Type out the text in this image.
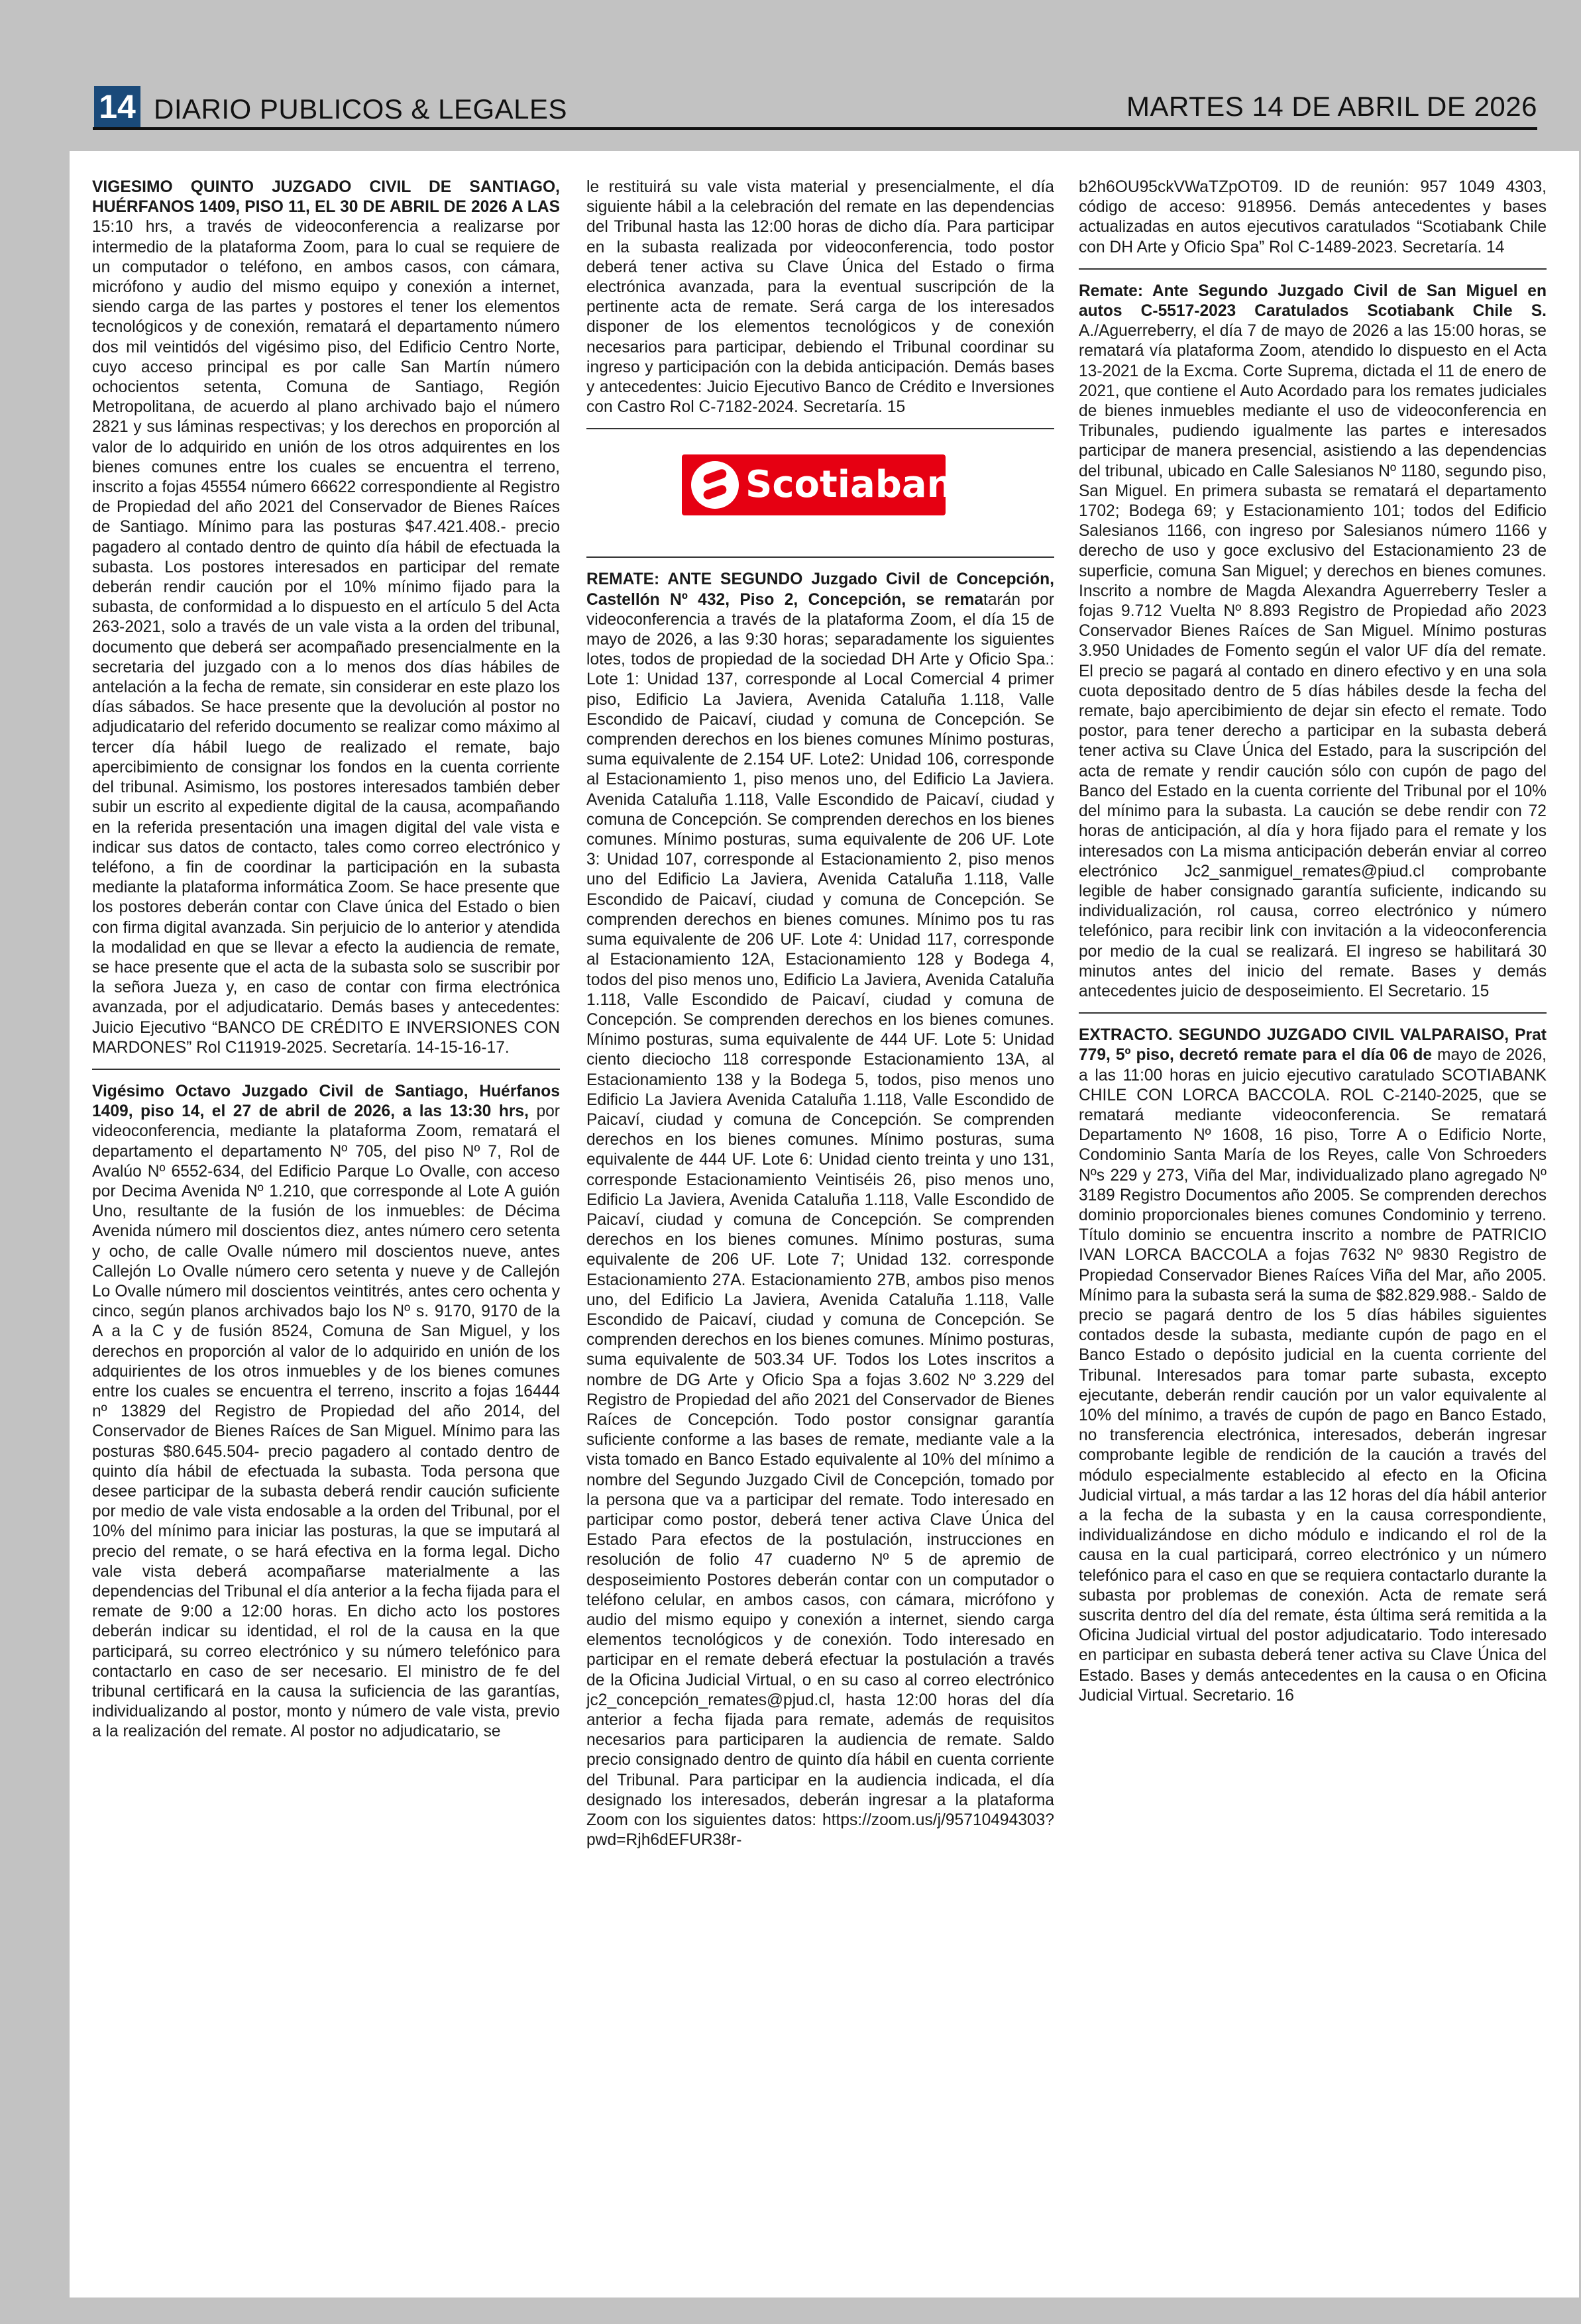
14 DIARIO PUBLICOS & LEGALES	MARTES 14 DE ABRIL DE 2026

VIGESIMO QUINTO JUZGADO CIVIL DE SANTIAGO, HUÉRFANOS 1409, PISO 11, EL 30 DE ABRIL DE 2026 A LAS 15:10 hrs, a través de videoconferencia a realizarse por intermedio de la plataforma Zoom, para lo cual se requiere de un computador o teléfono, en ambos casos, con cámara, micrófono y audio del mismo equipo y conexión a internet, siendo carga de las partes y postores el tener los elementos tecnológicos y de conexión, rematará el departamento número dos mil veintidós del vigésimo piso, del Edificio Centro Norte, cuyo acceso principal es por calle San Martín número ochocientos setenta, Comuna de Santiago, Región Metropolitana, de acuerdo al plano archivado bajo el número 2821 y sus láminas respectivas; y los derechos en proporción al valor de lo adquirido en unión de los otros adquirentes en los bienes comunes entre los cuales se encuentra el terreno, inscrito a fojas 45554 número 66622 correspondiente al Registro de Propiedad del año 2021 del Conservador de Bienes Raíces de Santiago. Mínimo para las posturas $47.421.408.- precio pagadero al contado dentro de quinto día hábil de efectuada la subasta. Los postores interesados en participar del remate deberán rendir caución por el 10% mínimo fijado para la subasta, de conformidad a lo dispuesto en el artículo 5 del Acta 263-2021, solo a través de un vale vista a la orden del tribunal, documento que deberá ser acompañado presencialmente en la secretaria del juzgado con a lo menos dos días hábiles de antelación a la fecha de remate, sin considerar en este plazo los días sábados. Se hace presente que la devolución al postor no adjudicatario del referido documento se realizar como máximo al tercer día hábil luego de realizado el remate, bajo apercibimiento de consignar los fondos en la cuenta corriente del tribunal. Asimismo, los postores interesados también deber subir un escrito al expediente digital de la causa, acompañando en la referida presentación una imagen digital del vale vista e indicar sus datos de contacto, tales como correo electrónico y teléfono, a fin de coordinar la participación en la subasta mediante la plataforma informática Zoom. Se hace presente que los postores deberán contar con Clave única del Estado o bien con firma digital avanzada. Sin perjuicio de lo anterior y atendida la modalidad en que se llevar a efecto la audiencia de remate, se hace presente que el acta de la subasta solo se suscribir por la señora Jueza y, en caso de contar con firma electrónica avanzada, por el adjudicatario. Demás bases y antecedentes: Juicio Ejecutivo “BANCO DE CRÉDITO E INVERSIONES CON MARDONES” Rol C11919-2025. Secretaría. 14-15-16-17.

Vigésimo Octavo Juzgado Civil de Santiago, Huérfanos 1409, piso 14, el 27 de abril de 2026, a las 13:30 hrs, por videoconferencia, mediante la plataforma Zoom, rematará el departamento el departamento Nº 705, del piso Nº 7, Rol de Avalúo Nº 6552-634, del Edificio Parque Lo Ovalle, con acceso por Decima Avenida Nº 1.210, que corresponde al Lote A guión Uno, resultante de la fusión de los inmuebles: de Décima Avenida número mil doscientos diez, antes número cero setenta y ocho, de calle Ovalle número mil doscientos nueve, antes Callejón Lo Ovalle número cero setenta y nueve y de Callejón Lo Ovalle número mil doscientos veintitrés, antes cero ochenta y cinco, según planos archivados bajo los Nº s. 9170, 9170 de la A a la C y de fusión 8524, Comuna de San Miguel, y los derechos en proporción al valor de lo adquirido en unión de los adquirientes de los otros inmuebles y de los bienes comunes entre los cuales se encuentra el terreno, inscrito a fojas 16444 nº 13829 del Registro de Propiedad del año 2014, del Conservador de Bienes Raíces de San Miguel. Mínimo para las posturas $80.645.504- precio pagadero al contado dentro de quinto día hábil de efectuada la subasta. Toda persona que desee participar de la subasta deberá rendir caución suficiente por medio de vale vista endosable a la orden del Tribunal, por el 10% del mínimo para iniciar las posturas, la que se imputará al precio del remate, o se hará efectiva en la forma legal. Dicho vale vista deberá acompañarse materialmente a las dependencias del Tribunal el día anterior a la fecha fijada para el remate de 9:00 a 12:00 horas. En dicho acto los postores deberán indicar su identidad, el rol de la causa en la que participará, su correo electrónico y su número telefónico para contactarlo en caso de ser necesario. El ministro de fe del tribunal certificará en la causa la suficiencia de las garantías, individualizando al postor, monto y número de vale vista, previo a la realización del remate. Al postor no adjudicatario, se

le restituirá su vale vista material y presencialmente, el día siguiente hábil a la celebración del remate en las dependencias del Tribunal hasta las 12:00 horas de dicho día. Para participar en la subasta realizada por videoconferencia, todo postor deberá tener activa su Clave Única del Estado o firma electrónica avanzada, para la eventual suscripción de la pertinente acta de remate. Será carga de los interesados disponer de los elementos tecnológicos y de conexión necesarios para participar, debiendo el Tribunal coordinar su ingreso y participación con la debida anticipación. Demás bases y antecedentes: Juicio Ejecutivo Banco de Crédito e Inversiones con Castro Rol C-7182-2024. Secretaría. 15

Scotiabank

REMATE: ANTE SEGUNDO Juzgado Civil de Concepción, Castellón Nº 432, Piso 2, Concepción, se rematarán por videoconferencia a través de la plataforma Zoom, el día 15 de mayo de 2026, a las 9:30 horas; separadamente los siguientes lotes, todos de propiedad de la sociedad DH Arte y Oficio Spa.: Lote 1: Unidad 137, corresponde al Local Comercial 4 primer piso, Edificio La Javiera, Avenida Cataluña 1.118, Valle Escondido de Paicaví, ciudad y comuna de Concepción. Se comprenden derechos en los bienes comunes Mínimo posturas, suma equivalente de 2.154 UF. Lote2: Unidad 106, corresponde al Estacionamiento 1, piso menos uno, del Edificio La Javiera. Avenida Cataluña 1.118, Valle Escondido de Paicaví, ciudad y comuna de Concepción. Se comprenden derechos en los bienes comunes. Mínimo posturas, suma equivalente de 206 UF. Lote 3: Unidad 107, corresponde al Estacionamiento 2, piso menos uno del Edificio La Javiera, Avenida Cataluña 1.118, Valle Escondido de Paicaví, ciudad y comuna de Concepción. Se comprenden derechos en bienes comunes. Mínimo pos tu ras suma equivalente de 206 UF. Lote 4: Unidad 117, corresponde al Estacionamiento 12A, Estacionamiento 128 y Bodega 4, todos del piso menos uno, Edificio La Javiera, Avenida Cataluña 1.118, Valle Escondido de Paicaví, ciudad y comuna de Concepción. Se comprenden derechos en los bienes comunes. Mínimo posturas, suma equivalente de 444 UF. Lote 5: Unidad ciento dieciocho 118 corresponde Estacionamiento 13A, al Estacionamiento 138 y la Bodega 5, todos, piso menos uno Edificio La Javiera Avenida Cataluña 1.118, Valle Escondido de Paicaví, ciudad y comuna de Concepción. Se comprenden derechos en los bienes comunes. Mínimo posturas, suma equivalente de 444 UF. Lote 6: Unidad ciento treinta y uno 131, corresponde Estacionamiento Veintiséis 26, piso menos uno, Edificio La Javiera, Avenida Cataluña 1.118, Valle Escondido de Paicaví, ciudad y comuna de Concepción. Se comprenden derechos en los bienes comunes. Mínimo posturas, suma equivalente de 206 UF. Lote 7; Unidad 132. corresponde Estacionamiento 27A. Estacionamiento 27B, ambos piso menos uno, del Edificio La Javiera, Avenida Cataluña 1.118, Valle Escondido de Paicaví, ciudad y comuna de Concepción. Se comprenden derechos en los bienes comunes. Mínimo posturas, suma equivalente de 503.34 UF. Todos los Lotes inscritos a nombre de DG Arte y Oficio Spa a fojas 3.602 Nº 3.229 del Registro de Propiedad del año 2021 del Conservador de Bienes Raíces de Concepción. Todo postor consignar garantía suficiente conforme a las bases de remate, mediante vale a la vista tomado en Banco Estado equivalente al 10% del mínimo a nombre del Segundo Juzgado Civil de Concepción, tomado por la persona que va a participar del remate. Todo interesado en participar como postor, deberá tener activa Clave Única del Estado Para efectos de la postulación, instrucciones en resolución de folio 47 cuaderno Nº 5 de apremio de desposeimiento Postores deberán contar con un computador o teléfono celular, en ambos casos, con cámara, micrófono y audio del mismo equipo y conexión a internet, siendo carga elementos tecnológicos y de conexión. Todo interesado en participar en el remate deberá efectuar la postulación a través de la Oficina Judicial Virtual, o en su caso al correo electrónico jc2_concepción_remates@pjud.cl, hasta 12:00 horas del día anterior a fecha fijada para remate, además de requisitos necesarios para participaren la audiencia de remate. Saldo precio consignado dentro de quinto día hábil en cuenta corriente del Tribunal. Para participar en la audiencia indicada, el día designado los interesados, deberán ingresar a la plataforma Zoom con los siguientes datos: https://zoom.us/j/95710494303?pwd=Rjh6dEFUR38r-

b2h6OU95ckVWaTZpOT09. ID de reunión: 957 1049 4303, código de acceso: 918956. Demás antecedentes y bases actualizadas en autos ejecutivos caratulados “Scotiabank Chile con DH Arte y Oficio Spa” Rol C-1489-2023. Secretaría. 14

Remate: Ante Segundo Juzgado Civil de San Miguel en autos C-5517-2023 Caratulados Scotiabank Chile S. A./Aguerreberry, el día 7 de mayo de 2026 a las 15:00 horas, se rematará vía plataforma Zoom, atendido lo dispuesto en el Acta 13-2021 de la Excma. Corte Suprema, dictada el 11 de enero de 2021, que contiene el Auto Acordado para los remates judiciales de bienes inmuebles mediante el uso de videoconferencia en Tribunales, pudiendo igualmente las partes e interesados participar de manera presencial, asistiendo a las dependencias del tribunal, ubicado en Calle Salesianos Nº 1180, segundo piso, San Miguel. En primera subasta se rematará el departamento 1702; Bodega 69; y Estacionamiento 101; todos del Edificio Salesianos 1166, con ingreso por Salesianos número 1166 y derecho de uso y goce exclusivo del Estacionamiento 23 de superficie, comuna San Miguel; y derechos en bienes comunes. Inscrito a nombre de Magda Alexandra Aguerreberry Tesler a fojas 9.712 Vuelta Nº 8.893 Registro de Propiedad año 2023 Conservador Bienes Raíces de San Miguel. Mínimo posturas 3.950 Unidades de Fomento según el valor UF día del remate. El precio se pagará al contado en dinero efectivo y en una sola cuota depositado dentro de 5 días hábiles desde la fecha del remate, bajo apercibimiento de dejar sin efecto el remate. Todo postor, para tener derecho a participar en la subasta deberá tener activa su Clave Única del Estado, para la suscripción del acta de remate y rendir caución sólo con cupón de pago del Banco del Estado en la cuenta corriente del Tribunal por el 10% del mínimo para la subasta. La caución se debe rendir con 72 horas de anticipación, al día y hora fijado para el remate y los interesados con La misma anticipación deberán enviar al correo electrónico Jc2_sanmiguel_remates@piud.cl comprobante legible de haber consignado garantía suficiente, indicando su individualización, rol causa, correo electrónico y número telefónico, para recibir link con invitación a la videoconferencia por medio de la cual se realizará. El ingreso se habilitará 30 minutos antes del inicio del remate. Bases y demás antecedentes juicio de desposeimiento. El Secretario. 15

EXTRACTO. SEGUNDO JUZGADO CIVIL VALPARAISO, Prat 779, 5º piso, decretó remate para el día 06 de mayo de 2026, a las 11:00 horas en juicio ejecutivo caratulado SCOTIABANK CHILE CON LORCA BACCOLA. ROL C-2140-2025, que se rematará mediante videoconferencia. Se rematará Departamento Nº 1608, 16 piso, Torre A o Edificio Norte, Condominio Santa María de los Reyes, calle Von Schroeders Nºs 229 y 273, Viña del Mar, individualizado plano agregado Nº 3189 Registro Documentos año 2005. Se comprenden derechos dominio proporcionales bienes comunes Condominio y terreno. Título dominio se encuentra inscrito a nombre de PATRICIO IVAN LORCA BACCOLA a fojas 7632 Nº 9830 Registro de Propiedad Conservador Bienes Raíces Viña del Mar, año 2005. Mínimo para la subasta será la suma de $82.829.988.- Saldo de precio se pagará dentro de los 5 días hábiles siguientes contados desde la subasta, mediante cupón de pago en el Banco Estado o depósito judicial en la cuenta corriente del Tribunal. Interesados para tomar parte subasta, excepto ejecutante, deberán rendir caución por un valor equivalente al 10% del mínimo, a través de cupón de pago en Banco Estado, no transferencia electrónica, interesados, deberán ingresar comprobante legible de rendición de la caución a través del módulo especialmente establecido al efecto en la Oficina Judicial virtual, a más tardar a las 12 horas del día hábil anterior a la fecha de la subasta y en la causa correspondiente, individualizándose en dicho módulo e indicando el rol de la causa en la cual participará, correo electrónico y un número telefónico para el caso en que se requiera contactarlo durante la subasta por problemas de conexión. Acta de remate será suscrita dentro del día del remate, ésta última será remitida a la Oficina Judicial virtual del postor adjudicatario. Todo interesado en participar en subasta deberá tener activa su Clave Única del Estado. Bases y demás antecedentes en la causa o en Oficina Judicial Virtual. Secretario. 16
